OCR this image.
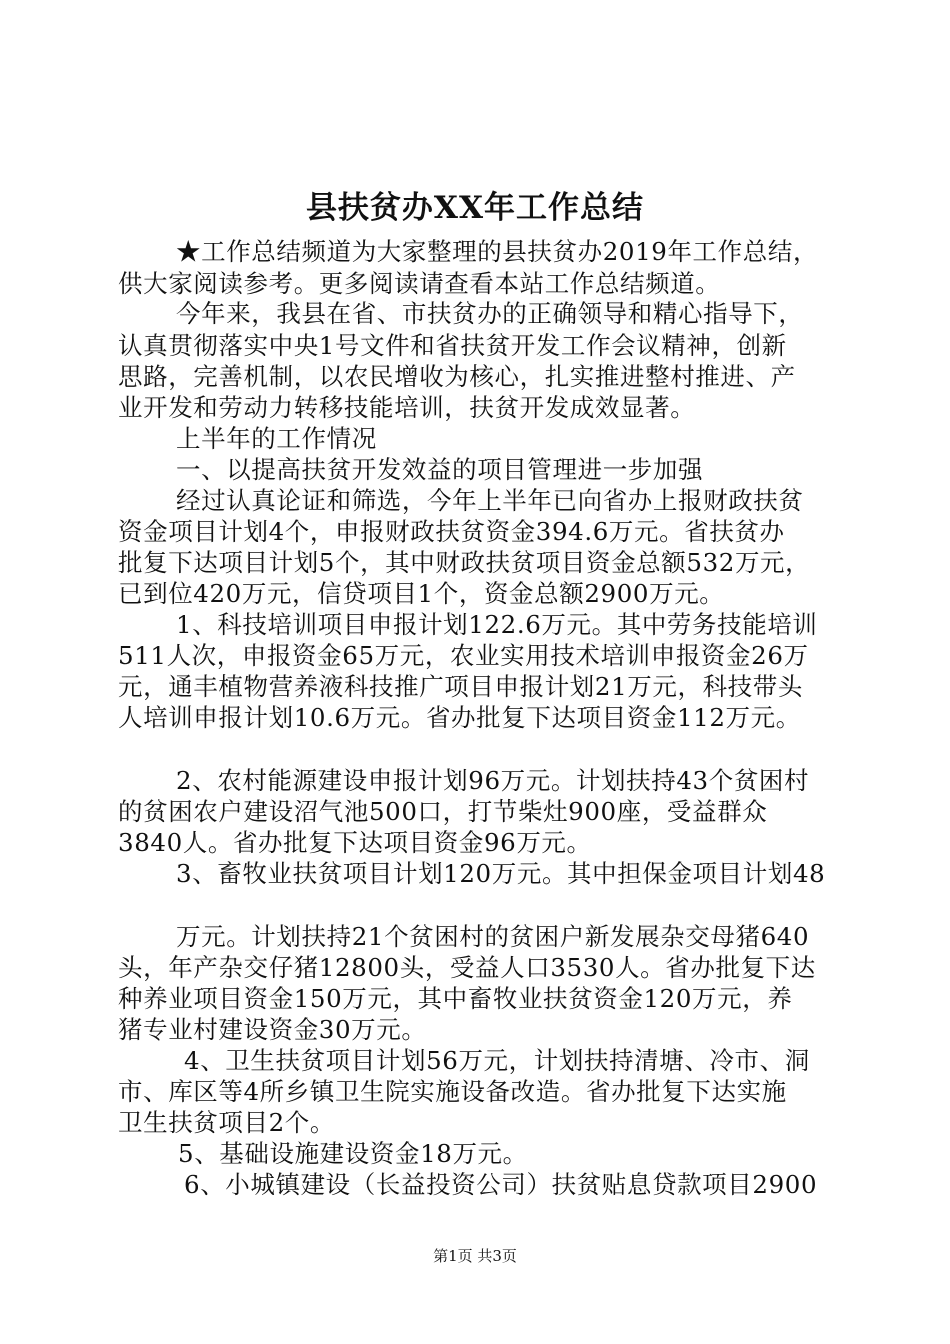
县扶贫办XX年工作总结
★工作总结频道为大家整理的县扶贫办2019年工作总结，
供大家阅读参考。更多阅读请查看本站工作总结频道。
今年来，我县在省、市扶贫办的正确领导和精心指导下，
认真贯彻落实中央1号文件和省扶贫开发工作会议精神，创新
思路，完善机制，以农民增收为核心，扎实推进整村推进、产
业开发和劳动力转移技能培训，扶贫开发成效显著。
上半年的工作情况
一、以提高扶贫开发效益的项目管理进一步加强
经过认真论证和筛选，今年上半年已向省办上报财政扶贫
资金项目计划4个，申报财政扶贫资金394.6万元。省扶贫办
批复下达项目计划5个，其中财政扶贫项目资金总额532万元，
已到位420万元，信贷项目1个，资金总额2900万元。
1、科技培训项目申报计划122.6万元。其中劳务技能培训
511人次，申报资金65万元，农业实用技术培训申报资金26万
元，通丰植物营养液科技推广项目申报计划21万元，科技带头
人培训申报计划10.6万元。省办批复下达项目资金112万元。
2、农村能源建设申报计划96万元。计划扶持43个贫困村
的贫困农户建设沼气池500口，打节柴灶900座，受益群众
3840人。省办批复下达项目资金96万元。
3、畜牧业扶贫项目计划120万元。其中担保金项目计划48
万元。计划扶持21个贫困村的贫困户新发展杂交母猪640
头，年产杂交仔猪12800头，受益人口3530人。省办批复下达
种养业项目资金150万元，其中畜牧业扶贫资金120万元，养
猪专业村建设资金30万元。
4、卫生扶贫项目计划56万元，计划扶持清塘、冷市、洞
市、库区等4所乡镇卫生院实施设备改造。省办批复下达实施
卫生扶贫项目2个。
5、基础设施建设资金18万元。
6、小城镇建设（长益投资公司）扶贫贴息贷款项目2900
第1页 共3页
